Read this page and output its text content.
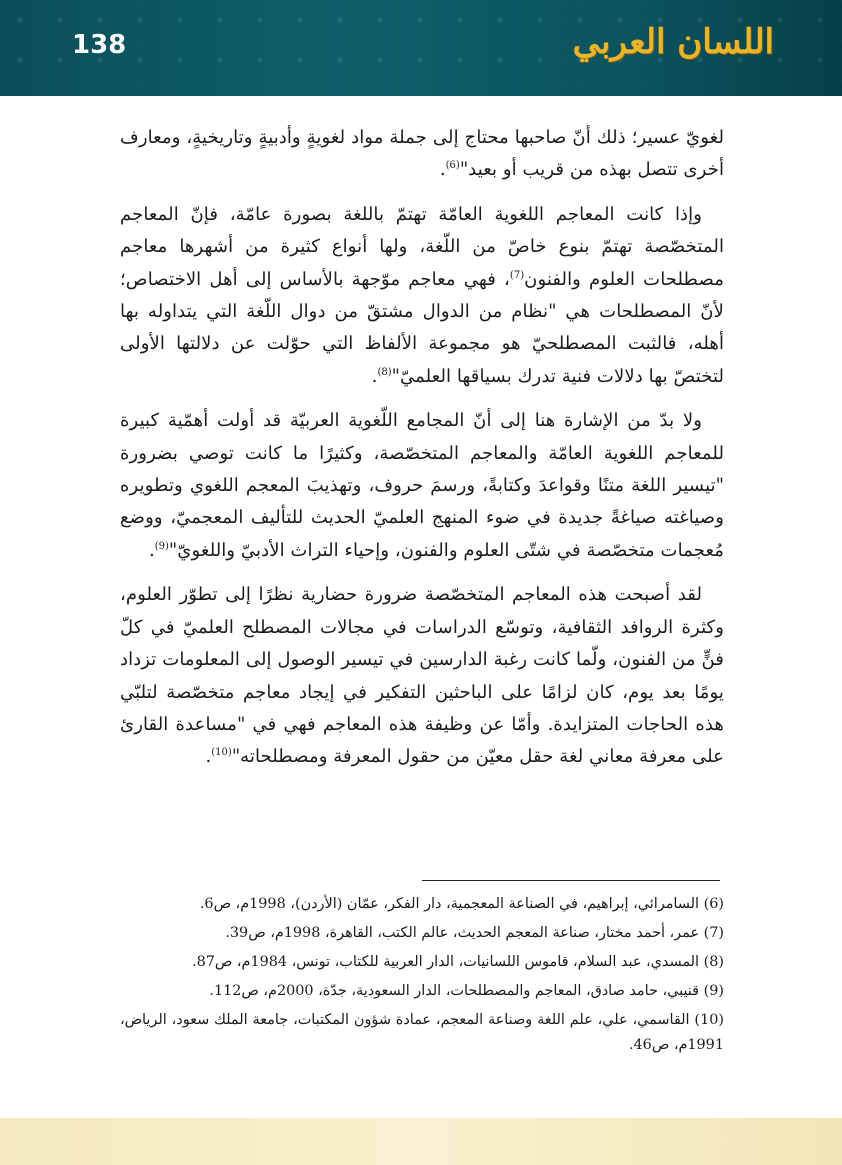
138	اللسان العربي

لغويّ عسير؛ ذلك أنّ صاحبها محتاج إلى جملة مواد لغويةٍ وأدبيةٍ وتاريخيةٍ، ومعارف أخرى تتصل بهذه من قريب أو بعيد"$^{(6)}$.

وإذا كانت المعاجم اللغوية العامّة تهتمّ باللغة بصورة عامّة، فإنّ المعاجم المتخصّصة تهتمّ بنوع خاصّ من اللّغة، ولها أنواع كثيرة من أشهرها معاجم مصطلحات العلوم والفنون$^{(7)}$، فهي معاجم موّجهة بالأساس إلى أهل الاختصاص؛ لأنّ المصطلحات هي "نظام من الدوال مشتقّ من دوال اللّغة التي يتداوله بها أهله، فالثبت المصطلحيّ هو مجموعة الألفاظ التي حوّلت عن دلالتها الأولى لتختصّ بها دلالات فنية تدرك بسياقها العلميّ"$^{(8)}$.

ولا بدّ من الإشارة هنا إلى أنّ المجامع اللّغوية العربيّة قد أولت أهمّية كبيرة للمعاجم اللغوية العامّة والمعاجم المتخصّصة، وكثيرًا ما كانت توصي بضرورة "تيسير اللغة متنًا وقواعدَ وكتابةً، ورسمَ حروف، وتهذيبَ المعجم اللغوي وتطويره وصياغته صياغةً جديدة في ضوء المنهج العلميّ الحديث للتأليف المعجميّ، ووضع مُعجمات متخصّصة في شتّى العلوم والفنون، وإحياء التراث الأدبيّ واللغويّ"$^{(9)}$.

لقد أصبحت هذه المعاجم المتخصّصة ضرورة حضارية نظرًا إلى تطوّر العلوم، وكثرة الروافد الثقافية، وتوسّع الدراسات في مجالات المصطلح العلميّ في كلّ فنٍّ من الفنون، ولّما كانت رغبة الدارسين في تيسير الوصول إلى المعلومات تزداد يومًا بعد يوم، كان لزامًا على الباحثين التفكير في إيجاد معاجم متخصّصة لتلبّي هذه الحاجات المتزايدة. وأمّا عن وظيفة هذه المعاجم فهي في "مساعدة القارئ على معرفة معاني لغة حقل معيّن من حقول المعرفة ومصطلحاته"$^{(10)}$.

(6) السامرائي، إبراهيم، في الصناعة المعجمية، دار الفكر، عمّان (الأردن)، 1998م، ص6.

(7) عمر، أحمد مختار، صناعة المعجم الحديث، عالم الكتب، القاهرة، 1998م، ص39.

(8) المسدي، عبد السلام، قاموس اللسانيات، الدار العربية للكتاب، تونس، 1984م، ص87.

(9) قنيبي، حامد صادق، المعاجم والمصطلحات، الدار السعودية، جدّة، 2000م، ص112.

(10) القاسمي، علي، علم اللغة وصناعة المعجم، عمادة شؤون المكتبات، جامعة الملك سعود، الرياض، 1991م، ص46.
